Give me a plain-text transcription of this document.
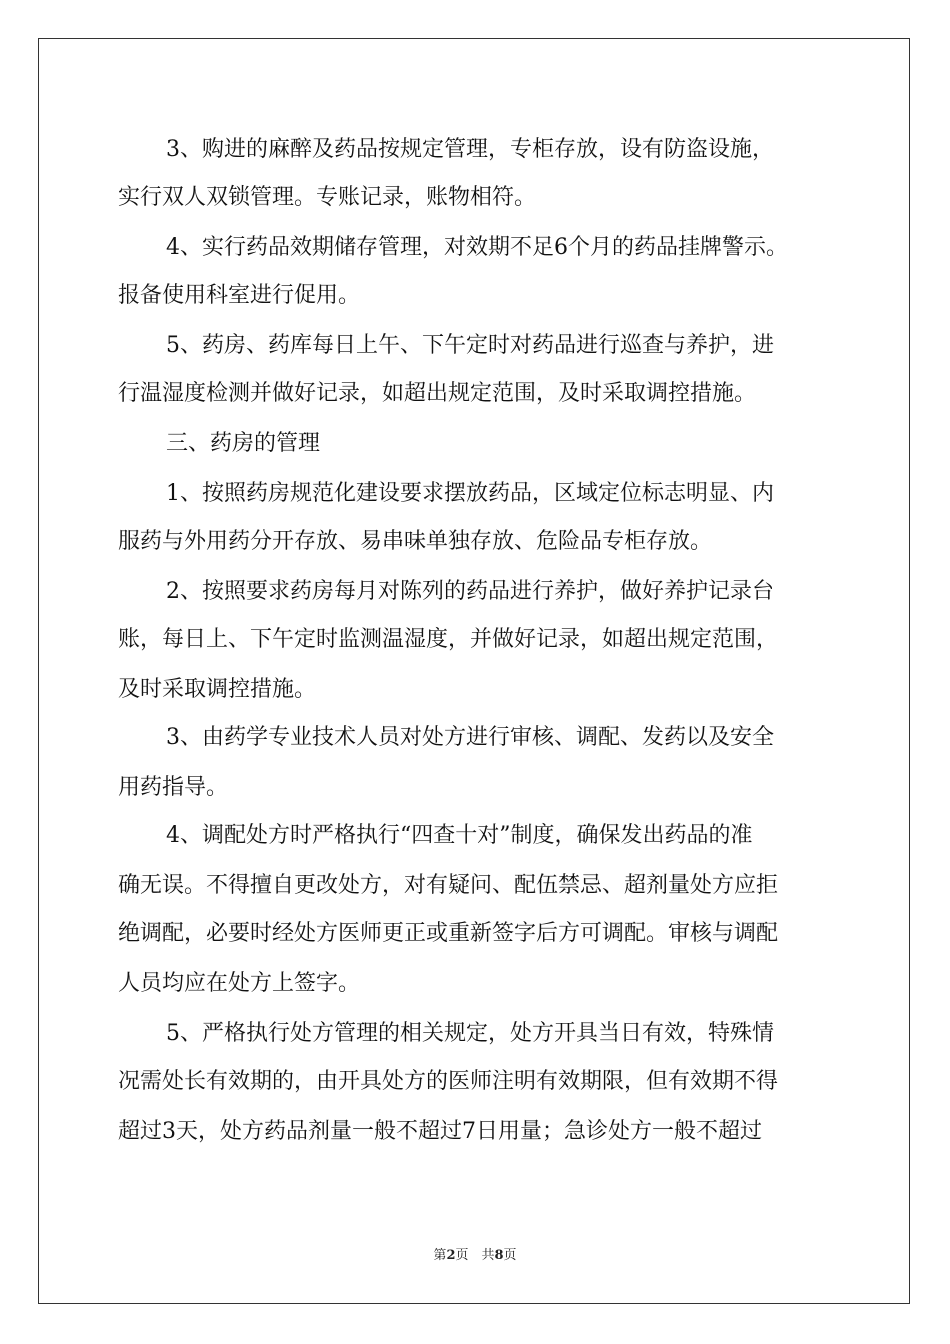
3、购进的麻醉及药品按规定管理，专柜存放，设有防盗设施，
实行双人双锁管理。专账记录，账物相符。
4、实行药品效期储存管理，对效期不足6个月的药品挂牌警示。
报备使用科室进行促用。
5、药房、药库每日上午、下午定时对药品进行巡查与养护，进
行温湿度检测并做好记录，如超出规定范围，及时采取调控措施。
三、药房的管理
1、按照药房规范化建设要求摆放药品，区域定位标志明显、内
服药与外用药分开存放、易串味单独存放、危险品专柜存放。
2、按照要求药房每月对陈列的药品进行养护，做好养护记录台
账，每日上、下午定时监测温湿度，并做好记录，如超出规定范围，
及时采取调控措施。
3、由药学专业技术人员对处方进行审核、调配、发药以及安全
用药指导。
4、调配处方时严格执行“四查十对”制度，确保发出药品的准
确无误。不得擅自更改处方，对有疑问、配伍禁忌、超剂量处方应拒
绝调配，必要时经处方医师更正或重新签字后方可调配。审核与调配
人员均应在处方上签字。
5、严格执行处方管理的相关规定，处方开具当日有效，特殊情
况需处长有效期的，由开具处方的医师注明有效期限，但有效期不得
超过3天，处方药品剂量一般不超过7日用量；急诊处方一般不超过
第2页　共8页
